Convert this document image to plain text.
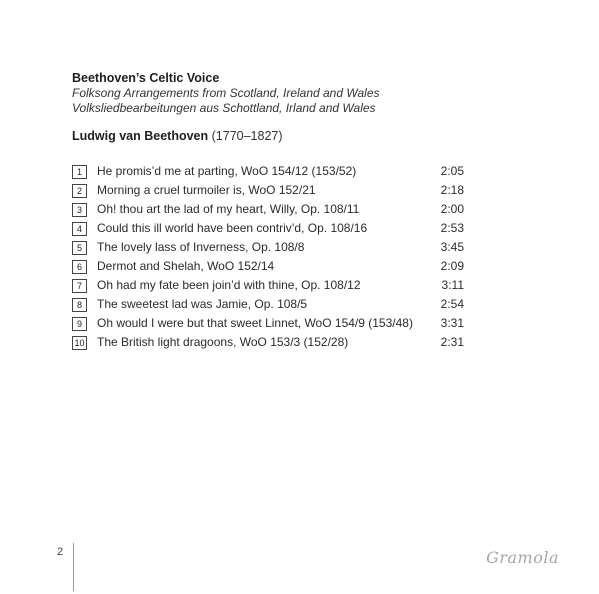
Beethoven’s Celtic Voice
Folksong Arrangements from Scotland, Ireland and Wales
Volksliedbearbeitungen aus Schottland, Irland and Wales
Ludwig van Beethoven (1770–1827)
1	He promis’d me at parting, WoO 154/12 (153/52)	2:05
2	Morning a cruel turmoiler is, WoO 152/21	2:18
3	Oh! thou art the lad of my heart, Willy, Op. 108/11	2:00
4	Could this ill world have been contriv’d, Op. 108/16	2:53
5	The lovely lass of Inverness, Op. 108/8	3:45
6	Dermot and Shelah, WoO 152/14	2:09
7	Oh had my fate been join’d with thine, Op. 108/12	3:11
8	The sweetest lad was Jamie, Op. 108/5	2:54
9	Oh would I were but that sweet Linnet, WoO 154/9 (153/48) 3:31
10 The British light dragoons, WoO 153/3 (152/28)	2:31
2	Gramola
